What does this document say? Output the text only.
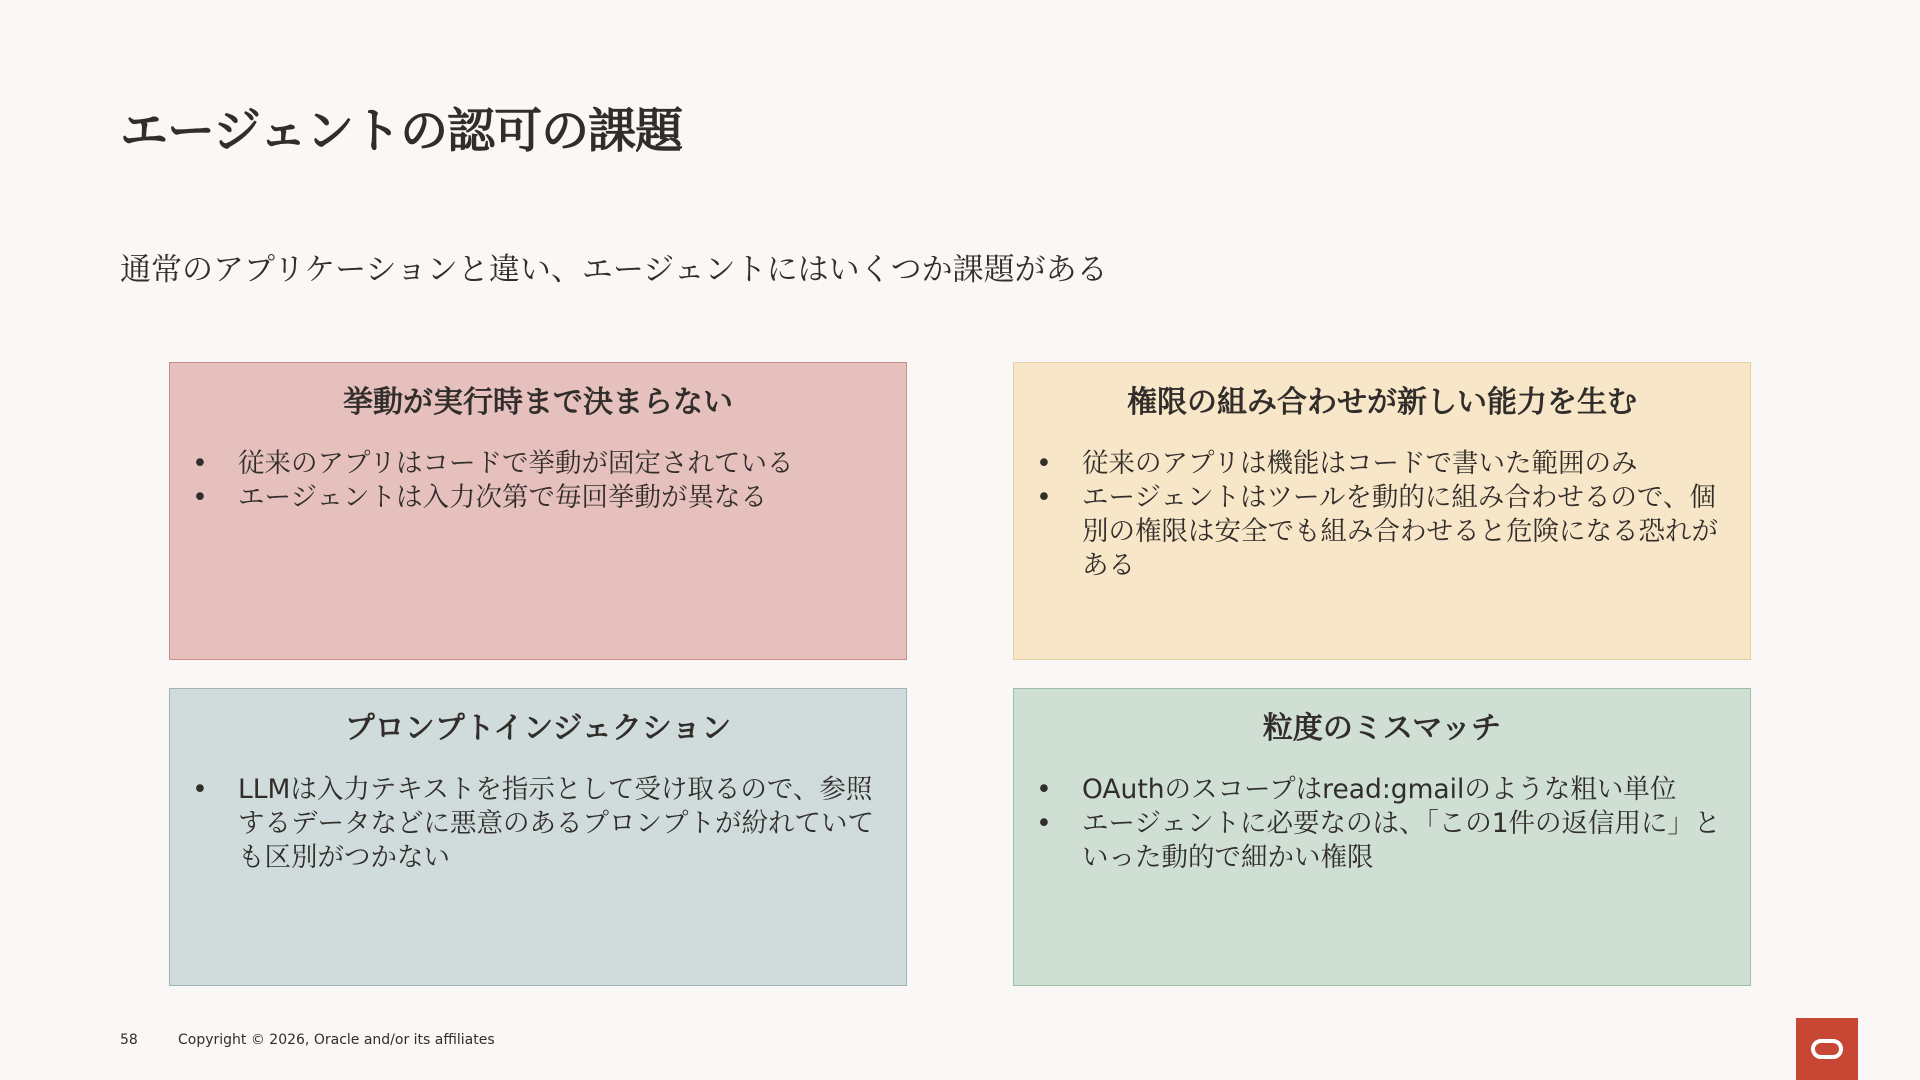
エージェントの認可の課題

通常のアプリケーションと違い、エージェントにはいくつか課題がある

挙動が実行時まで決まらない
• 従来のアプリはコードで挙動が固定されている
• エージェントは入力次第で毎回挙動が異なる
権限の組み合わせが新しい能力を生む
• 従来のアプリは機能はコードで書いた範囲のみ
• エージェントはツールを動的に組み合わせるので、個別の権限は安全でも組み合わせると危険になる恐れがある
プロンプトインジェクション
• LLMは入力テキストを指示として受け取るので、参照するデータなどに悪意のあるプロンプトが紛れていても区別がつかない
粒度のミスマッチ
• OAuthのスコープはread:gmailのような粗い単位
• エージェントに必要なのは、「この1件の返信用に」といった動的で細かい権限
58	Copyright © 2026, Oracle and/or its affiliates
